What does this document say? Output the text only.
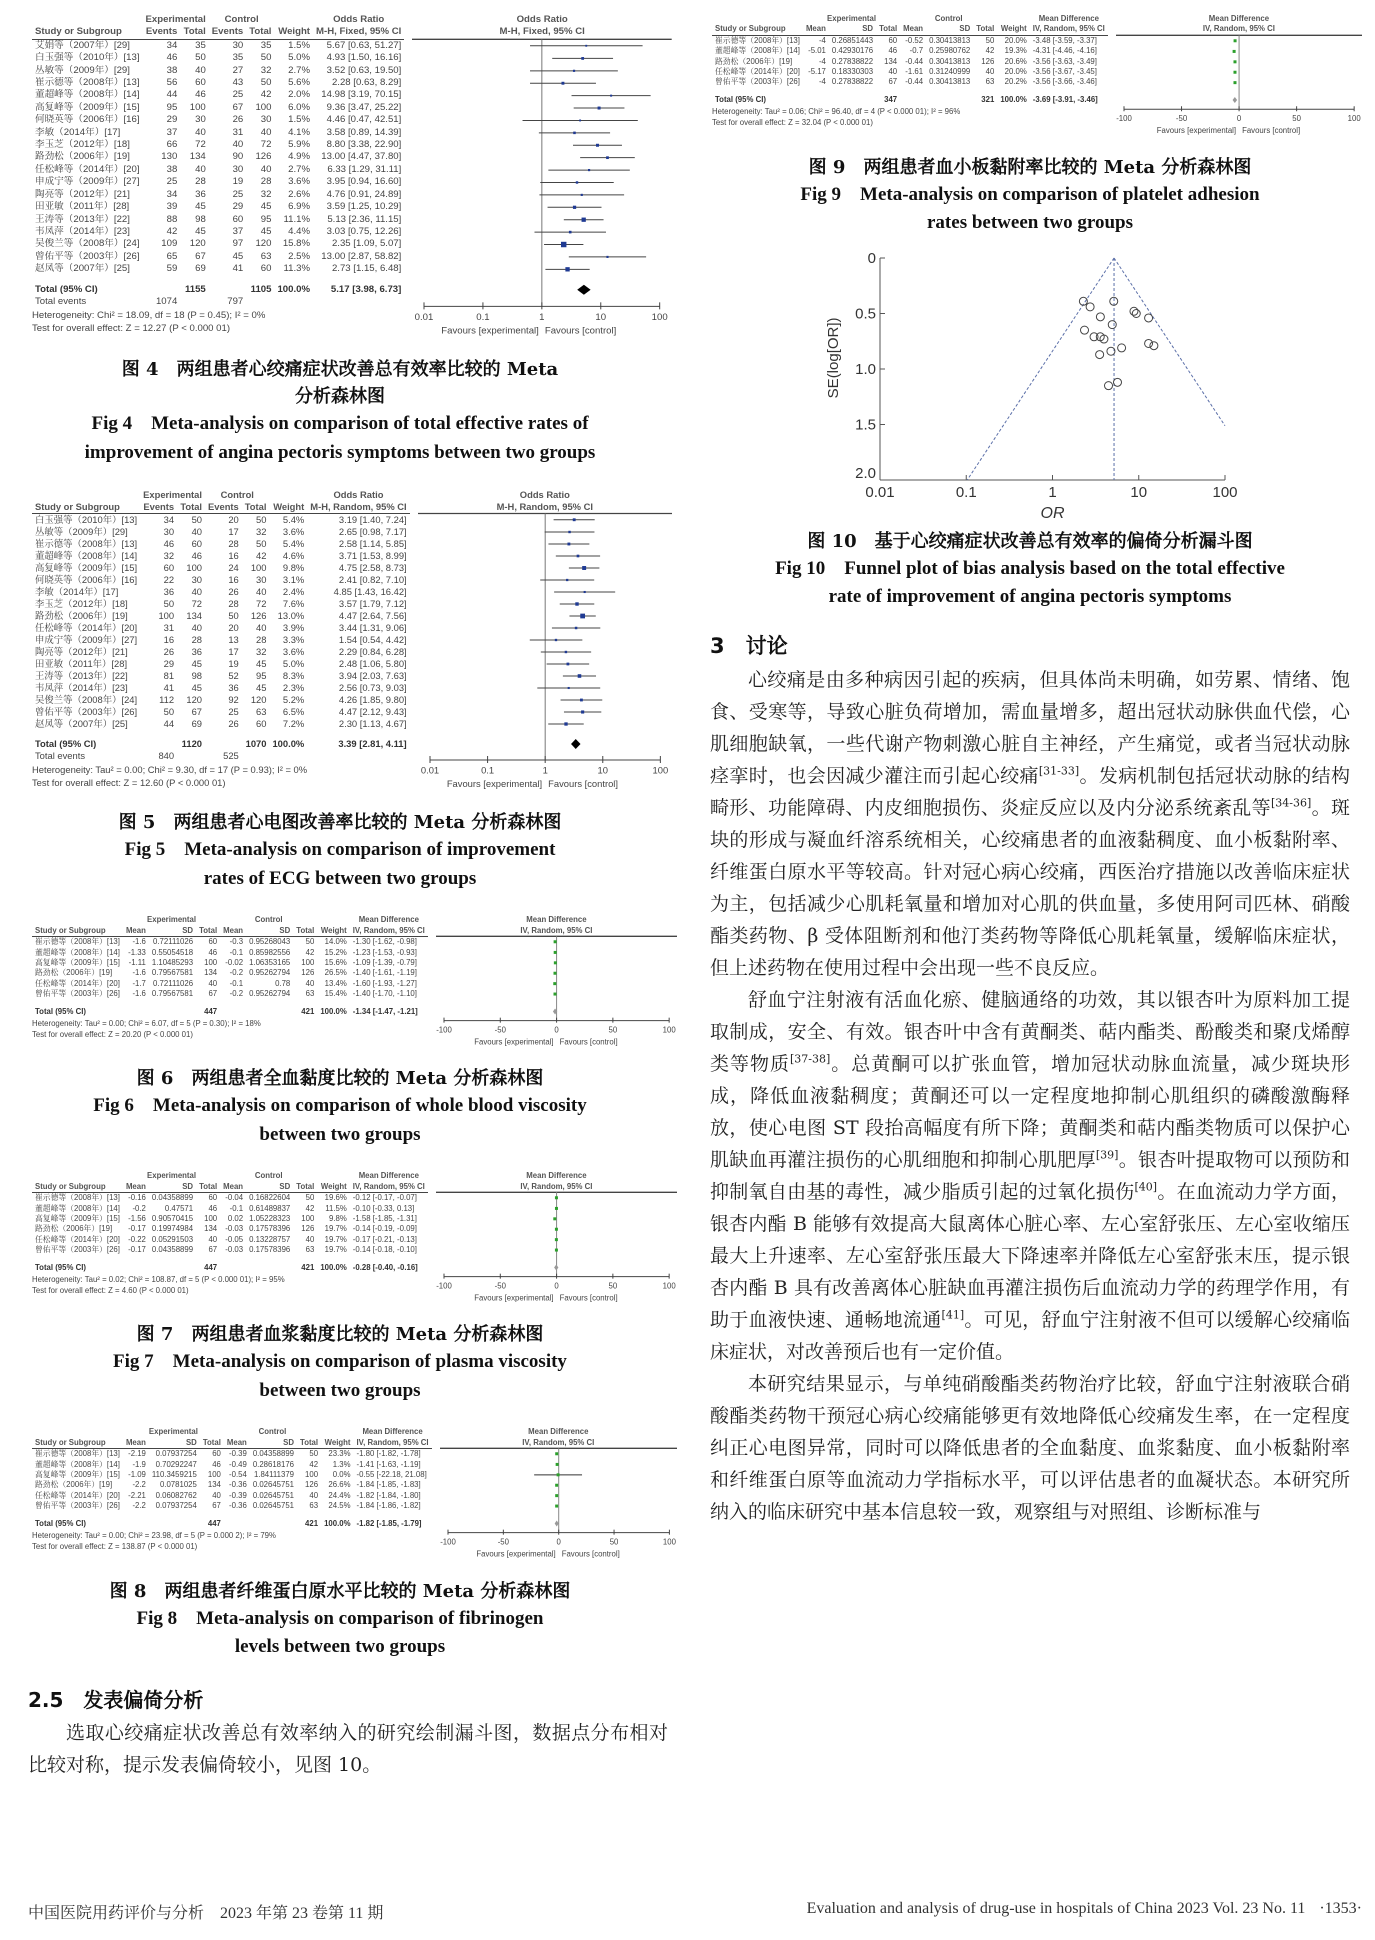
	Experimental		Control			Odds Ratio
Study or Subgroup	Events	Total	Events	Total	Weight	M-H, Fixed, 95% CI
艾娟等（2007年）[29]	34	35	30	35	1.5%	5.67 [0.63, 51.27]
白玉强等（2010年）[13]	46	50	35	50	5.0%	4.93 [1.50, 16.16]
丛敏等（2009年）[29]	38	40	27	32	2.7%	3.52 [0.63, 19.50]
崔示德等（2008年）[13]	56	60	43	50	5.6%	2.28 [0.63, 8.29]
董超峰等（2008年）[14]	44	46	25	42	2.0%	14.98 [3.19, 70.15]
高复峰等（2009年）[15]	95	100	67	100	6.0%	9.36 [3.47, 25.22]
何晓英等（2006年）[16]	29	30	26	30	1.5%	4.46 [0.47, 42.51]
李敏（2014年）[17]	37	40	31	40	4.1%	3.58 [0.89, 14.39]
李玉芝（2012年）[18]	66	72	40	72	5.9%	8.80 [3.38, 22.90]
路劲松（2006年）[19]	130	134	90	126	4.9%	13.00 [4.47, 37.80]
任松峰等（2014年）[20]	38	40	30	40	2.7%	6.33 [1.29, 31.11]
申成宁等（2009年）[27]	25	28	19	28	3.6%	3.95 [0.94, 16.60]
陶亮等（2012年）[21]	34	36	25	32	2.6%	4.76 [0.91, 24.89]
田亚敏（2011年）[28]	39	45	29	45	6.9%	3.59 [1.25, 10.29]
王涛等（2013年）[22]	88	98	60	95	11.1%	5.13 [2.36, 11.15]
韦凤萍（2014年）[23]	42	45	37	45	4.4%	3.03 [0.75, 12.26]
吴俊兰等（2008年）[24]	109	120	97	120	15.8%	2.35 [1.09, 5.07]
曾佑平等（2003年）[26]	65	67	45	63	2.5%	13.00 [2.87, 58.82]
赵凤等（2007年）[25]	59	69	41	60	11.3%	2.73 [1.15, 6.48]

Total (95% CI)		1155		1105	100.0%	5.17 [3.98, 6.73]
Total events	1074		797			
Odds Ratio
M-H, Fixed, 95% CI
0.01	0.1	1	10	100
Favours [experimental] Favours [control]
Heterogeneity: Chi² = 18.09, df = 18 (P = 0.45); I² = 0%
Test for overall effect: Z = 12.27 (P < 0.000 01)
图 4　两组患者心绞痛症状改善总有效率比较的 Meta
分析森林图
Fig 4　Meta-analysis on comparison of total effective rates of
improvement of angina pectoris symptoms between two groups
	Experimental		Control			Odds Ratio
Study or Subgroup	Events	Total	Events	Total	Weight	M-H, Random, 95% CI
白玉强等（2010年）[13]	34	50	20	50	5.4%	3.19 [1.40, 7.24]
丛敏等（2009年）[29]	30	40	17	32	3.6%	2.65 [0.98, 7.17]
崔示德等（2008年）[13]	46	60	28	50	5.4%	2.58 [1.14, 5.85]
董超峰等（2008年）[14]	32	46	16	42	4.6%	3.71 [1.53, 8.99]
高复峰等（2009年）[15]	60	100	24	100	9.8%	4.75 [2.58, 8.73]
何晓英等（2006年）[16]	22	30	16	30	3.1%	2.41 [0.82, 7.10]
李敏（2014年）[17]	36	40	26	40	2.4%	4.85 [1.43, 16.42]
李玉芝（2012年）[18]	50	72	28	72	7.6%	3.57 [1.79, 7.12]
路劲松（2006年）[19]	100	134	50	126	13.0%	4.47 [2.64, 7.56]
任松峰等（2014年）[20]	31	40	20	40	3.9%	3.44 [1.31, 9.06]
申成宁等（2009年）[27]	16	28	13	28	3.3%	1.54 [0.54, 4.42]
陶亮等（2012年）[21]	26	36	17	32	3.6%	2.29 [0.84, 6.28]
田亚敏（2011年）[28]	29	45	19	45	5.0%	2.48 [1.06, 5.80]
王涛等（2013年）[22]	81	98	52	95	8.3%	3.94 [2.03, 7.63]
韦凤萍（2014年）[23]	41	45	36	45	2.3%	2.56 [0.73, 9.03]
吴俊兰等（2008年）[24]	112	120	92	120	5.2%	4.26 [1.85, 9.80]
曾佑平等（2003年）[26]	50	67	25	63	6.5%	4.47 [2.12, 9.43]
赵凤等（2007年）[25]	44	69	26	60	7.2%	2.30 [1.13, 4.67]

Total (95% CI)		1120		1070	100.0%	3.39 [2.81, 4.11]
Total events	840		525			
Odds Ratio
M-H, Random, 95% CI
0.01	0.1	1	10	100
Favours [experimental] Favours [control]
Heterogeneity: Tau² = 0.00; Chi² = 9.30, df = 17 (P = 0.93); I² = 0%
Test for overall effect: Z = 12.60 (P < 0.000 01)
图 5　两组患者心电图改善率比较的 Meta 分析森林图
Fig 5　Meta-analysis on comparison of improvement
rates of ECG between two groups
	Experimental			Control				Mean Difference
Study or Subgroup	Mean	SD	Total	Mean	SD	Total	Weight	IV, Random, 95% CI
崔示德等（2008年）[13]	-1.6	0.72111026	60	-0.3	0.95268043	50	14.0%	-1.30 [-1.62, -0.98]
董超峰等（2008年）[14]	-1.33	0.55054518	46	-0.1	0.85982556	42	15.2%	-1.23 [-1.53, -0.93]
高复峰等（2009年）[15]	-1.11	1.10485293	100	-0.02	1.06353165	100	15.6%	-1.09 [-1.39, -0.79]
路劲松（2006年）[19]	-1.6	0.79567581	134	-0.2	0.95262794	126	26.5%	-1.40 [-1.61, -1.19]
任松峰等（2014年）[20]	-1.7	0.72111026	40	-0.1	0.78	40	13.4%	-1.60 [-1.93, -1.27]
曾佑平等（2003年）[26]	-1.6	0.79567581	67	-0.2	0.95262794	63	15.4%	-1.40 [-1.70, -1.10]

Total (95% CI)			447			421	100.0%	-1.34 [-1.47, -1.21]
Heterogeneity: Tau² = 0.00; Chi² = 6.07, df = 5 (P = 0.30); I² = 18%
Test for overall effect: Z = 20.20 (P < 0.000 01)
Mean Difference
IV, Random, 95% CI
-100	-50	0	50	100
Favours [experimental] Favours [control]
图 6　两组患者全血黏度比较的 Meta 分析森林图
Fig 6　Meta-analysis on comparison of whole blood viscosity
between two groups
	Experimental			Control				Mean Difference
Study or Subgroup	Mean	SD	Total	Mean	SD	Total	Weight	IV, Random, 95% CI
崔示德等（2008年）[13]	-0.16	0.04358899	60	-0.04	0.16822604	50	19.6%	-0.12 [-0.17, -0.07]
董超峰等（2008年）[14]	-0.2	0.47571	46	-0.1	0.61489837	42	11.5%	-0.10 [-0.33, 0.13]
高复峰等（2009年）[15]	-1.56	0.90570415	100	0.02	1.05228323	100	9.8%	-1.58 [-1.85, -1.31]
路劲松（2006年）[19]	-0.17	0.19974984	134	-0.03	0.17578396	126	19.7%	-0.14 [-0.19, -0.09]
任松峰等（2014年）[20]	-0.22	0.05291503	40	-0.05	0.13228757	40	19.7%	-0.17 [-0.21, -0.13]
曾佑平等（2003年）[26]	-0.17	0.04358899	67	-0.03	0.17578396	63	19.7%	-0.14 [-0.18, -0.10]

Total (95% CI)			447			421	100.0%	-0.28 [-0.40, -0.16]
Heterogeneity: Tau² = 0.02; Chi² = 108.87, df = 5 (P < 0.000 01); I² = 95%
Test for overall effect: Z = 4.60 (P < 0.000 01)
Mean Difference
IV, Random, 95% CI
-100	-50	0	50	100
Favours [experimental] Favours [control]
图 7　两组患者血浆黏度比较的 Meta 分析森林图
Fig 7　Meta-analysis on comparison of plasma viscosity
between two groups
	Experimental			Control				Mean Difference
Study or Subgroup	Mean	SD	Total	Mean	SD	Total	Weight	IV, Random, 95% CI
崔示德等（2008年）[13]	-2.19	0.07937254	60	-0.39	0.04358899	50	23.3%	-1.80 [-1.82, -1.78]
董超峰等（2008年）[14]	-1.9	0.70292247	46	-0.49	0.28618176	42	1.3%	-1.41 [-1.63, -1.19]
高复峰等（2009年）[15]	-1.09	110.3459215	100	-0.54	1.84111379	100	0.0%	-0.55 [-22.18, 21.08]
路劲松（2006年）[19]	-2.2	0.0781025	134	-0.36	0.02645751	126	26.6%	-1.84 [-1.85, -1.83]
任松峰等（2014年）[20]	-2.21	0.06082762	40	-0.39	0.02645751	40	24.4%	-1.82 [-1.84, -1.80]
曾佑平等（2003年）[26]	-2.2	0.07937254	67	-0.36	0.02645751	63	24.5%	-1.84 [-1.86, -1.82]

Total (95% CI)			447			421	100.0%	-1.82 [-1.85, -1.79]
Heterogeneity: Tau² = 0.00; Chi² = 23.98, df = 5 (P = 0.000 2); I² = 79%
Test for overall effect: Z = 138.87 (P < 0.000 01)
Mean Difference
IV, Random, 95% CI
-100	-50	0	50	100
Favours [experimental] Favours [control]
图 8　两组患者纤维蛋白原水平比较的 Meta 分析森林图
Fig 8　Meta-analysis on comparison of fibrinogen
levels between two groups
2.5　发表偏倚分析

选取心绞痛症状改善总有效率纳入的研究绘制漏斗图，数据点分布相对比较对称，提示发表偏倚较小，见图 10。

	Experimental			Control				Mean Difference
Study or Subgroup	Mean	SD	Total	Mean	SD	Total	Weight	IV, Random, 95% CI
崔示德等（2008年）[13]	-4	0.26851443	60	-0.52	0.30413813	50	20.0%	-3.48 [-3.59, -3.37]
董超峰等（2008年）[14]	-5.01	0.42930176	46	-0.7	0.25980762	42	19.3%	-4.31 [-4.46, -4.16]
路劲松（2006年）[19]	-4	0.27838822	134	-0.44	0.30413813	126	20.6%	-3.56 [-3.63, -3.49]
任松峰等（2014年）[20]	-5.17	0.18330303	40	-1.61	0.31240999	40	20.0%	-3.56 [-3.67, -3.45]
曾佑平等（2003年）[26]	-4	0.27838822	67	-0.44	0.30413813	63	20.2%	-3.56 [-3.66, -3.46]

Total (95% CI)			347			321	100.0%	-3.69 [-3.91, -3.46]
Heterogeneity: Tau² = 0.06; Chi² = 96.40, df = 4 (P < 0.000 01); I² = 96%
Test for overall effect: Z = 32.04 (P < 0.000 01)
Mean Difference
IV, Random, 95% CI
-100	-50	0	50	100
Favours [experimental] Favours [control]
图 9　两组患者血小板黏附率比较的 Meta 分析森林图
Fig 9　Meta-analysis on comparison of platelet adhesion
rates between two groups
0
0.5
1.0
1.5
2.0
0.01	0.1	1	10	100
OR
SE(log[OR])
图 10　基于心绞痛症状改善总有效率的偏倚分析漏斗图
Fig 10　Funnel plot of bias analysis based on the total effective
rate of improvement of angina pectoris symptoms
3　讨论

心绞痛是由多种病因引起的疾病，但具体尚未明确，如劳累、情绪、饱食、受寒等，导致心脏负荷增加，需血量增多，超出冠状动脉供血代偿，心肌细胞缺氧，一些代谢产物刺激心脏自主神经，产生痛觉，或者当冠状动脉痉挛时，也会因减少灌注而引起心绞痛[31-33]。发病机制包括冠状动脉的结构畸形、功能障碍、内皮细胞损伤、炎症反应以及内分泌系统紊乱等[34-36]。斑块的形成与凝血纤溶系统相关，心绞痛患者的血液黏稠度、血小板黏附率、纤维蛋白原水平等较高。针对冠心病心绞痛，西医治疗措施以改善临床症状为主，包括减少心肌耗氧量和增加对心肌的供血量，多使用阿司匹林、硝酸酯类药物、β 受体阻断剂和他汀类药物等降低心肌耗氧量，缓解临床症状，但上述药物在使用过程中会出现一些不良反应。

舒血宁注射液有活血化瘀、健脑通络的功效，其以银杏叶为原料加工提取制成，安全、有效。银杏叶中含有黄酮类、萜内酯类、酚酸类和聚戊烯醇类等物质[37-38]。总黄酮可以扩张血管，增加冠状动脉血流量，减少斑块形成，降低血液黏稠度；黄酮还可以一定程度地抑制心肌组织的磷酸激酶释放，使心电图 ST 段抬高幅度有所下降；黄酮类和萜内酯类物质可以保护心肌缺血再灌注损伤的心肌细胞和抑制心肌肥厚[39]。银杏叶提取物可以预防和抑制氧自由基的毒性，减少脂质引起的过氧化损伤[40]。在血流动力学方面，银杏内酯 B 能够有效提高大鼠离体心脏心率、左心室舒张压、左心室收缩压最大上升速率、左心室舒张压最大下降速率并降低左心室舒张末压，提示银杏内酯 B 具有改善离体心脏缺血再灌注损伤后血流动力学的药理学作用，有助于血液快速、通畅地流通[41]。可见，舒血宁注射液不但可以缓解心绞痛临床症状，对改善预后也有一定价值。

本研究结果显示，与单纯硝酸酯类药物治疗比较，舒血宁注射液联合硝酸酯类药物干预冠心病心绞痛能够更有效地降低心绞痛发生率，在一定程度纠正心电图异常，同时可以降低患者的全血黏度、血浆黏度、血小板黏附率和纤维蛋白原等血流动力学指标水平，可以评估患者的血凝状态。本研究所纳入的临床研究中基本信息较一致，观察组与对照组、诊断标准与

中国医院用药评价与分析　2023 年第 23 卷第 11 期	Evaluation and analysis of drug-use in hospitals of China 2023 Vol. 23 No. 11 ·1353·
